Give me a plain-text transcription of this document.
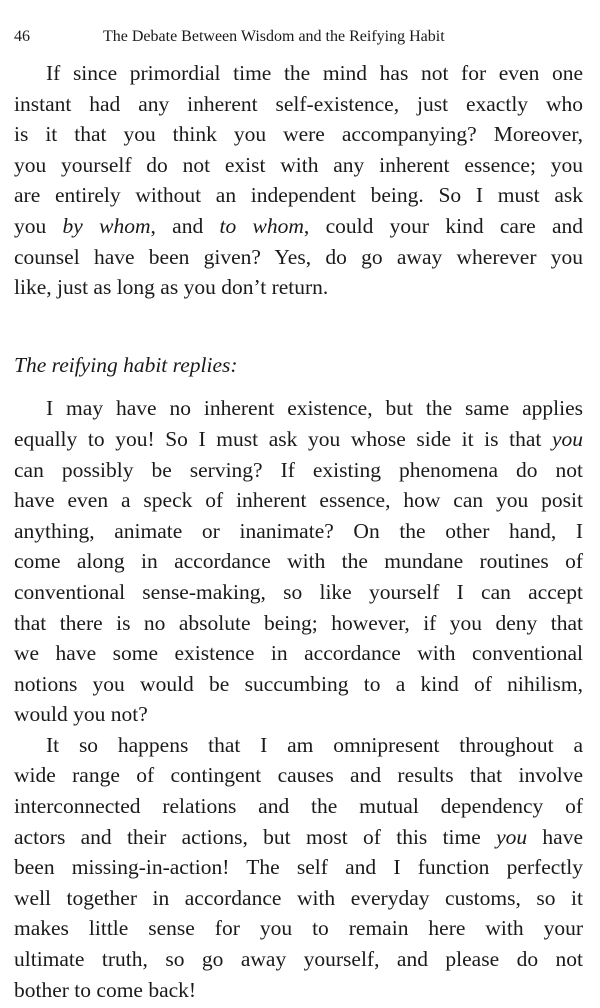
46	The Debate Between Wisdom and the Reifying Habit

If since primordial time the mind has not for even one
instant had any inherent self-existence, just exactly who
is it that you think you were accompanying? Moreover,
you yourself do not exist with any inherent essence; you
are entirely without an independent being. So I must ask
you by whom, and to whom, could your kind care and
counsel have been given? Yes, do go away wherever you
like, just as long as you don’t return.

The reifying habit replies:

I may have no inherent existence, but the same applies
equally to you! So I must ask you whose side it is that you
can possibly be serving? If existing phenomena do not
have even a speck of inherent essence, how can you posit
anything, animate or inanimate? On the other hand, I
come along in accordance with the mundane routines of
conventional sense-making, so like yourself I can accept
that there is no absolute being; however, if you deny that
we have some existence in accordance with conventional
notions you would be succumbing to a kind of nihilism,
would you not?

It so happens that I am omnipresent throughout a
wide range of contingent causes and results that involve
interconnected relations and the mutual dependency of
actors and their actions, but most of this time you have
been missing-in-action! The self and I function perfectly
well together in accordance with everyday customs, so it
makes little sense for you to remain here with your
ultimate truth, so go away yourself, and please do not
bother to come back!
